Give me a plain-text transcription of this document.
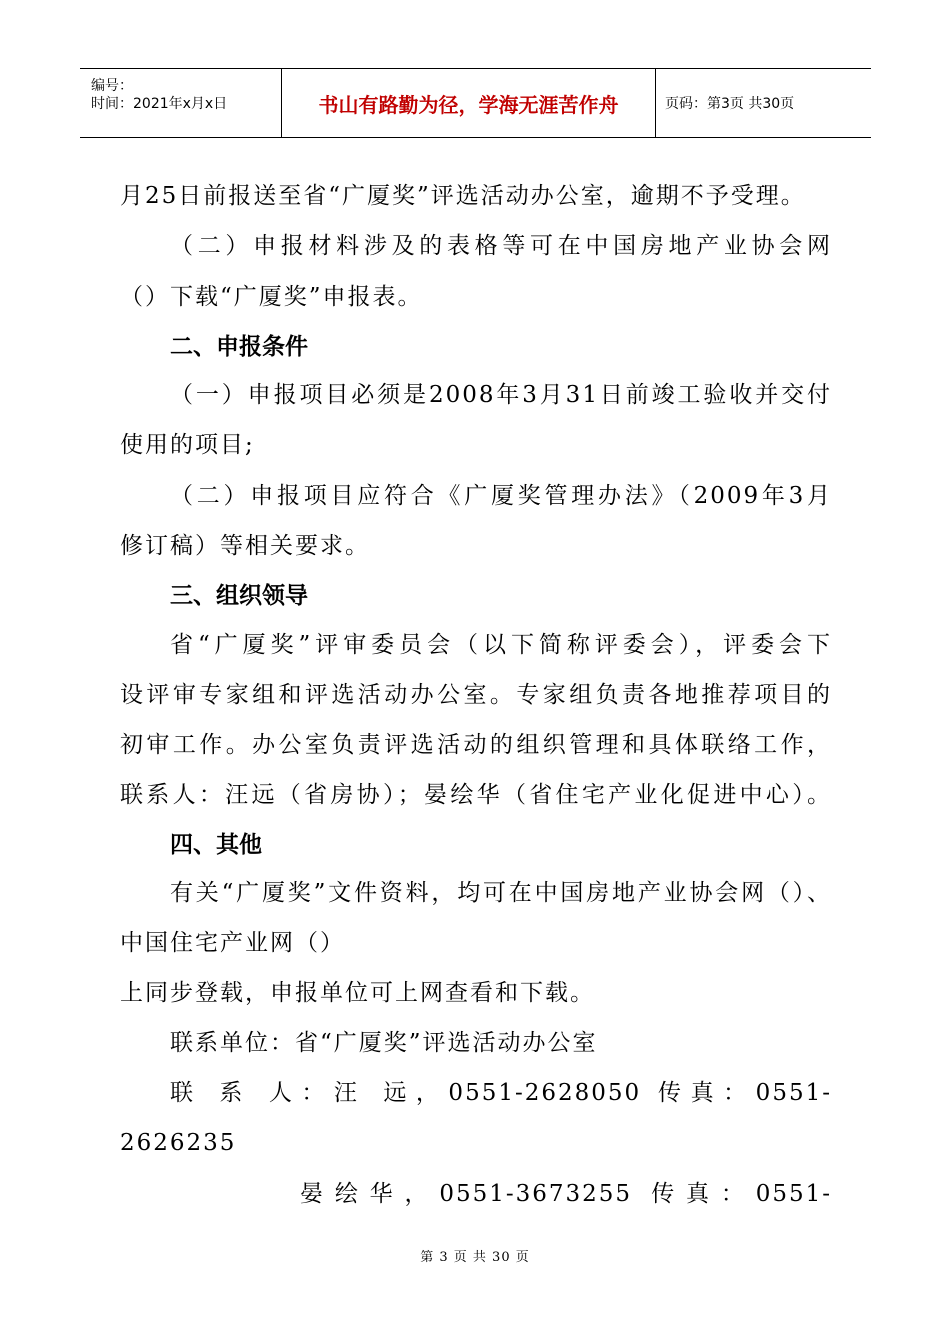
编号：
时间：2021年x月x日	书山有路勤为径，学海无涯苦作舟	页码：第3页 共30页
月25日前报送至省“广厦奖”评选活动办公室，逾期不予受理。
（二）申报材料涉及的表格等可在中国房地产业协会网
（）下载“广厦奖”申报表。
二、申报条件
（一）申报项目必须是2008年3月31日前竣工验收并交付
使用的项目;
（二）申报项目应符合《广厦奖管理办法》（2009年3月
修订稿）等相关要求。
三、组织领导
省“广厦奖”评审委员会（以下简称评委会），评委会下
设评审专家组和评选活动办公室。专家组负责各地推荐项目的
初审工作。办公室负责评选活动的组织管理和具体联络工作，
联系人：汪远（省房协）；晏绘华（省住宅产业化促进中心）。
四、其他
有关“广厦奖”文件资料，均可在中国房地产业协会网（）、
中国住宅产业网（）
上同步登载，申报单位可上网查看和下载。
联系单位：省“广厦奖”评选活动办公室
联 系 人：汪 远，0551-2628050 传真：0551-
2626235
晏绘华，0551-3673255 传真：0551-
第 3 页 共 30 页
